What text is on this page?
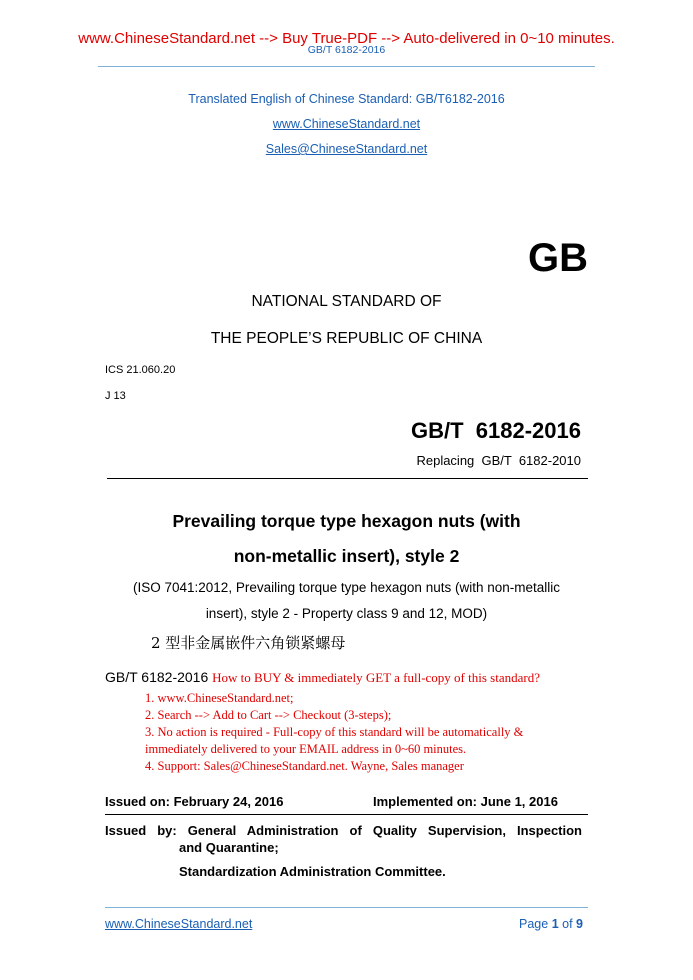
www.ChineseStandard.net --> Buy True-PDF --> Auto-delivered in 0~10 minutes.
GB/T 6182-2016
Translated English of Chinese Standard: GB/T6182-2016
www.ChineseStandard.net
Sales@ChineseStandard.net
GB
NATIONAL STANDARD OF
THE PEOPLE’S REPUBLIC OF CHINA
ICS 21.060.20
J 13
GB/T  6182-2016
Replacing  GB/T  6182-2010
Prevailing torque type hexagon nuts (with
non-metallic insert), style 2
(ISO 7041:2012, Prevailing torque type hexagon nuts (with non-metallic
insert), style 2 - Property class 9 and 12, MOD)
2 型非金属嵌件六角锁紧螺母
GB/T 6182-2016 How to BUY & immediately GET a full-copy of this standard?
1. www.ChineseStandard.net;
2. Search --> Add to Cart --> Checkout (3-steps);
3. No action is required - Full-copy of this standard will be automatically &
immediately delivered to your EMAIL address in 0~60 minutes.
4. Support: Sales@ChineseStandard.net. Wayne, Sales manager
Issued on: February 24, 2016	Implemented on: June 1, 2016
Issued by: General Administration of Quality Supervision, Inspection
and Quarantine;
Standardization Administration Committee.
www.ChineseStandard.net	Page 1 of 9
